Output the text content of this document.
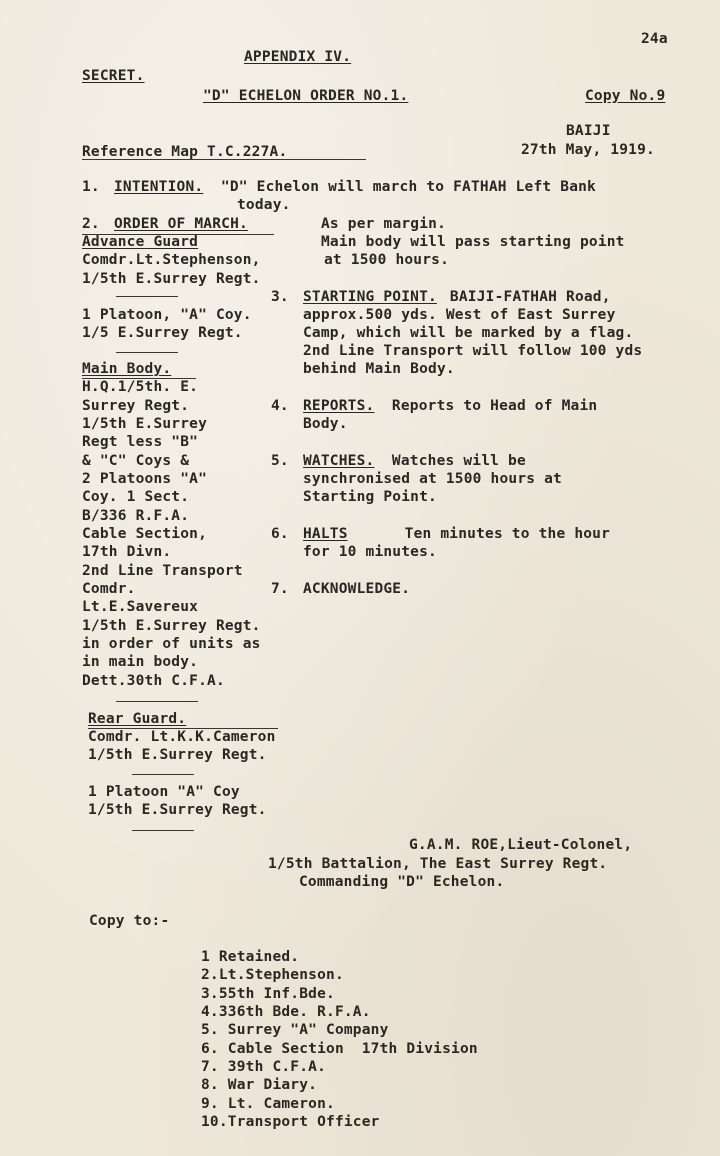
24a
APPENDIX IV.
SECRET.
"D" ECHELON ORDER NO.1.	Copy No.9
BAIJI
27th May, 1919.
Reference Map T.C.227A.
1. INTENTION. "D" Echelon will march to FATHAH Left Bank
today.
2. ORDER OF MARCH.	As per margin.
Advance Guard	Main body will pass starting point
Comdr.Lt.Stephenson,	at 1500 hours.
1/5th E.Surrey Regt.
3. STARTING POINT. BAIJI-FATHAH Road,
1 Platoon, "A" Coy.	approx.500 yds. West of East Surrey
1/5 E.Surrey Regt.	Camp, which will be marked by a flag.
2nd Line Transport will follow 100 yds
behind Main Body.
Main Body.
H.Q.1/5th. E.
Surrey Regt.
1/5th E.Surrey
Regt less "B"
& "C" Coys &
2 Platoons "A"
Coy. 1 Sect.
B/336 R.F.A.
Cable Section,
17th Divn.
2nd Line Transport
Comdr.
Lt.E.Savereux
1/5th E.Surrey Regt.
in order of units as
in main body.
Dett.30th C.F.A.
4. REPORTS. Reports to Head of Main
Body.
5. WATCHES. Watches will be
synchronised at 1500 hours at
Starting Point.
6. HALTS Ten minutes to the hour
for 10 minutes.
7. ACKNOWLEDGE.
Rear Guard.
Comdr. Lt.K.K.Cameron
1/5th E.Surrey Regt.
1 Platoon "A" Coy
1/5th E.Surrey Regt.
G.A.M. ROE,Lieut-Colonel,
1/5th Battalion, The East Surrey Regt.
Commanding "D" Echelon.
Copy to:-
1 Retained.
2.Lt.Stephenson.
3.55th Inf.Bde.
4.336th Bde. R.F.A.
5. Surrey "A" Company
6. Cable Section  17th Division
7. 39th C.F.A.
8. War Diary.
9. Lt. Cameron.
10.Transport Officer
